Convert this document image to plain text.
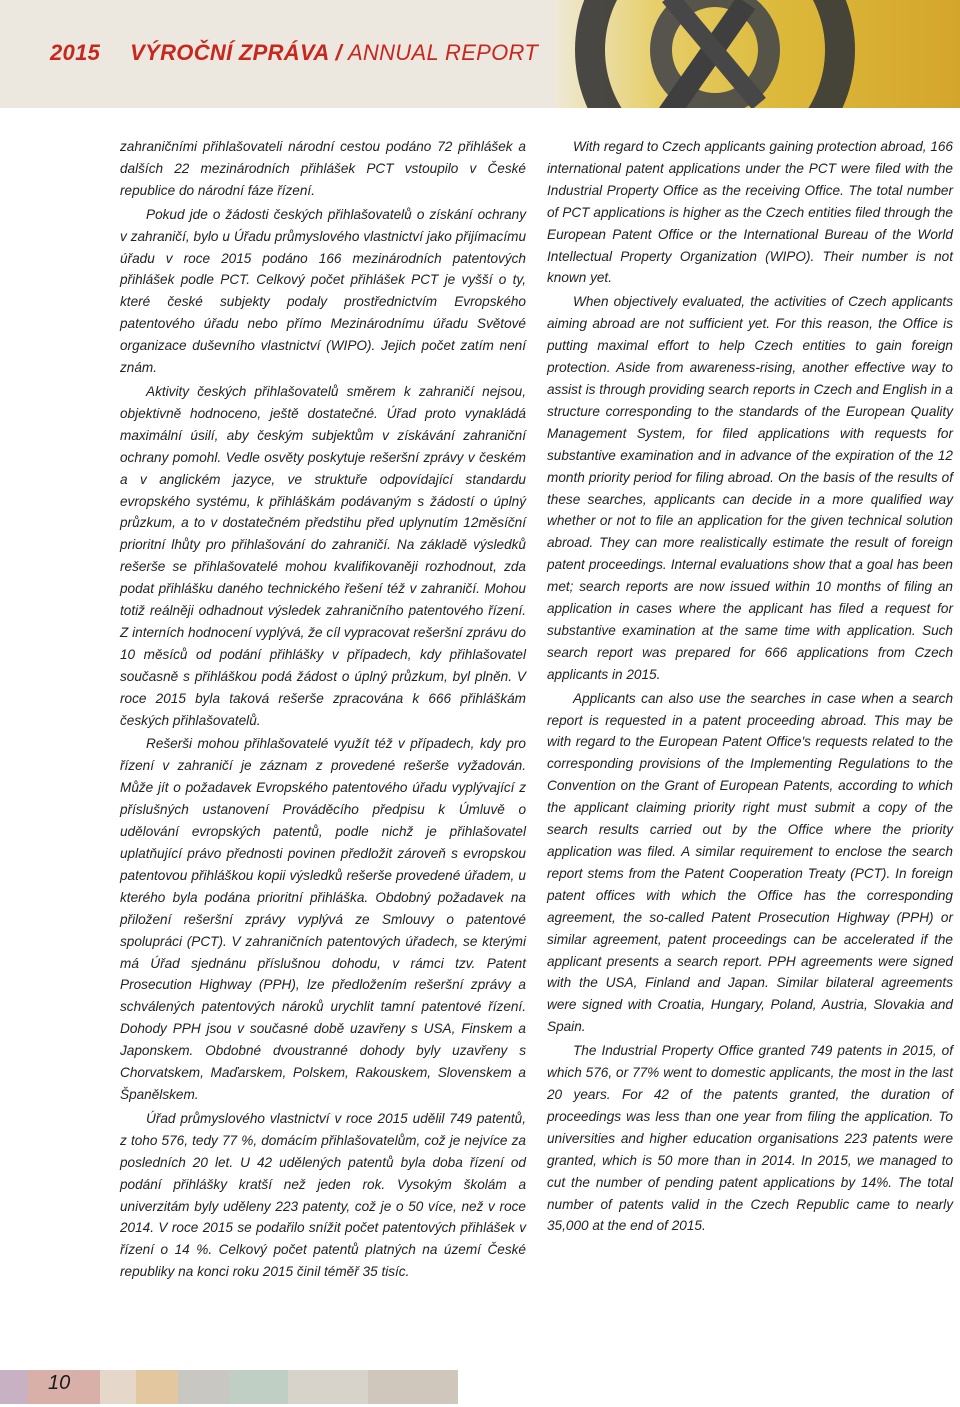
2015 VÝROČNÍ ZPRÁVA / ANNUAL REPORT

zahraničními přihlašovateli národní cestou podáno 72 přihlášek a dalších 22 mezinárodních přihlášek PCT vstoupilo v České republice do národní fáze řízení.

Pokud jde o žádosti českých přihlašovatelů o získání ochrany v zahraničí, bylo u Úřadu průmyslového vlastnictví jako přijímacímu úřadu v roce 2015 podáno 166 mezinárodních patentových přihlášek podle PCT. Celkový počet přihlášek PCT je vyšší o ty, které české subjekty podaly prostřednictvím Evropského patentového úřadu nebo přímo Mezinárodnímu úřadu Světové organizace duševního vlastnictví (WIPO). Jejich počet zatím není znám.

Aktivity českých přihlašovatelů směrem k zahraničí nejsou, objektivně hodnoceno, ještě dostatečné. Úřad proto vynakládá maximální úsilí, aby českým subjektům v získávání zahraniční ochrany pomohl. Vedle osvěty poskytuje rešeršní zprávy v českém a v anglickém jazyce, ve struktuře odpovídající standardu evropského systému, k přihláškám podávaným s žádostí o úplný průzkum, a to v dostatečném předstihu před uplynutím 12měsíční prioritní lhůty pro přihlašování do zahraničí. Na základě výsledků rešerše se přihlašovatelé mohou kvalifikovaněji rozhodnout, zda podat přihlášku daného technického řešení též v zahraničí. Mohou totiž reálněji odhadnout výsledek zahraničního patentového řízení. Z interních hodnocení vyplývá, že cíl vypracovat rešeršní zprávu do 10 měsíců od podání přihlášky v případech, kdy přihlašovatel současně s přihláškou podá žádost o úplný průzkum, byl plněn. V roce 2015 byla taková rešerše zpracována k 666 přihláškám českých přihlašovatelů.

Rešerši mohou přihlašovatelé využít též v případech, kdy pro řízení v zahraničí je záznam z provedené rešerše vyžadován. Může jít o požadavek Evropského patentového úřadu vyplývající z příslušných ustanovení Prováděcího předpisu k Úmluvě o udělování evropských patentů, podle nichž je přihlašovatel uplatňující právo přednosti povinen předložit zároveň s evropskou patentovou přihláškou kopii výsledků rešerše provedené úřadem, u kterého byla podána prioritní přihláška. Obdobný požadavek na přiložení rešeršní zprávy vyplývá ze Smlouvy o patentové spolupráci (PCT). V zahraničních patentových úřadech, se kterými má Úřad sjednánu příslušnou dohodu, v rámci tzv. Patent Prosecution Highway (PPH), lze předložením rešeršní zprávy a schválených patentových nároků urychlit tamní patentové řízení. Dohody PPH jsou v současné době uzavřeny s USA, Finskem a Japonskem. Obdobné dvoustranné dohody byly uzavřeny s Chorvatskem, Maďarskem, Polskem, Rakouskem, Slovenskem a Španělskem.

Úřad průmyslového vlastnictví v roce 2015 udělil 749 patentů, z toho 576, tedy 77 %, domácím přihlašovatelům, což je nejvíce za posledních 20 let. U 42 udělených patentů byla doba řízení od podání přihlášky kratší než jeden rok. Vysokým školám a univerzitám byly uděleny 223 patenty, což je o 50 více, než v roce 2014. V roce 2015 se podařilo snížit počet patentových přihlášek v řízení o 14 %. Celkový počet patentů platných na území České republiky na konci roku 2015 činil téměř 35 tisíc.

With regard to Czech applicants gaining protection abroad, 166 international patent applications under the PCT were filed with the Industrial Property Office as the receiving Office. The total number of PCT applications is higher as the Czech entities filed through the European Patent Office or the International Bureau of the World Intellectual Property Organization (WIPO). Their number is not known yet.

When objectively evaluated, the activities of Czech applicants aiming abroad are not sufficient yet. For this reason, the Office is putting maximal effort to help Czech entities to gain foreign protection. Aside from awareness-rising, another effective way to assist is through providing search reports in Czech and English in a structure corresponding to the standards of the European Quality Management System, for filed applications with requests for substantive examination and in advance of the expiration of the 12 month priority period for filing abroad. On the basis of the results of these searches, applicants can decide in a more qualified way whether or not to file an application for the given technical solution abroad. They can more realistically estimate the result of foreign patent proceedings. Internal evaluations show that a goal has been met; search reports are now issued within 10 months of filing an application in cases where the applicant has filed a request for substantive examination at the same time with application. Such search report was prepared for 666 applications from Czech applicants in 2015.

Applicants can also use the searches in case when a search report is requested in a patent proceeding abroad. This may be with regard to the European Patent Office's requests related to the corresponding provisions of the Implementing Regulations to the Convention on the Grant of European Patents, according to which the applicant claiming priority right must submit a copy of the search results carried out by the Office where the priority application was filed. A similar requirement to enclose the search report stems from the Patent Cooperation Treaty (PCT). In foreign patent offices with which the Office has the corresponding agreement, the so-called Patent Prosecution Highway (PPH) or similar agreement, patent proceedings can be accelerated if the applicant presents a search report. PPH agreements were signed with the USA, Finland and Japan. Similar bilateral agreements were signed with Croatia, Hungary, Poland, Austria, Slovakia and Spain.

The Industrial Property Office granted 749 patents in 2015, of which 576, or 77% went to domestic applicants, the most in the last 20 years. For 42 of the patents granted, the duration of proceedings was less than one year from filing the application. To universities and higher education organisations 223 patents were granted, which is 50 more than in 2014. In 2015, we managed to cut the number of pending patent applications by 14%. The total number of patents valid in the Czech Republic came to nearly 35,000 at the end of 2015.

10
